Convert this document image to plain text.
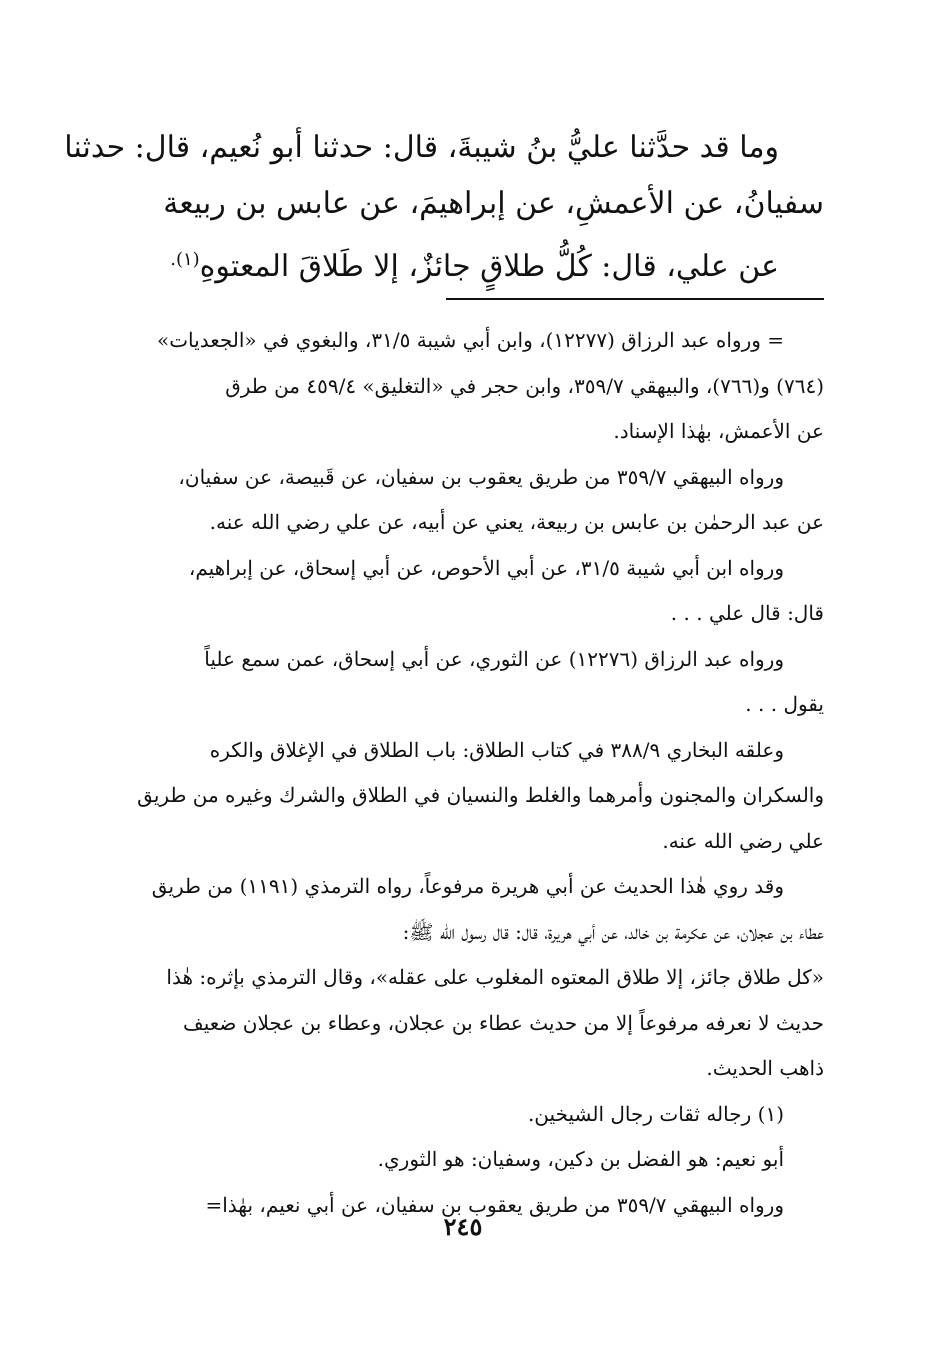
وما قد حدَّثنا عليُّ بنُ شيبةَ، قال: حدثنا أبو نُعيم، قال: حدثنا
سفيانُ، عن الأعمشِ، عن إبراهيمَ، عن عابس بن ربيعة
عن علي، قال: كُلُّ طلاقٍ جائزٌ، إلا طَلاقَ المعتوهِ$^{(١).}$
= ورواه عبد الرزاق (١٢٢٧٧)، وابن أبي شيبة ٣١/٥، والبغوي في «الجعديات»
(٧٦٤) و(٧٦٦)، والبيهقي ٣٥٩/٧، وابن حجر في «التغليق» ٤٥٩/٤ من طرق
عن الأعمش، بهٰذا الإسناد.
ورواه البيهقي ٣٥٩/٧ من طريق يعقوب بن سفيان، عن قَبيصة، عن سفيان،
عن عبد الرحمٰن بن عابس بن ربيعة، يعني عن أبيه، عن علي رضي الله عنه.
ورواه ابن أبي شيبة ٣١/٥، عن أبي الأحوص، عن أبي إسحاق، عن إبراهيم،
قال: قال علي . . .
ورواه عبد الرزاق (١٢٢٧٦) عن الثوري، عن أبي إسحاق، عمن سمع علياً
يقول . . .
وعلقه البخاري ٣٨٨/٩ في كتاب الطلاق: باب الطلاق في الإغلاق والكره
والسكران والمجنون وأمرهما والغلط والنسيان في الطلاق والشرك وغيره من طريق
علي رضي الله عنه.
وقد روي هٰذا الحديث عن أبي هريرة مرفوعاً، رواه الترمذي (١١٩١) من طريق
عطاء بن عجلان، عن عكرمة بن خالد، عن أبي هريرة، قال: قال رسول الله ﷺ:
«كل طلاق جائز، إلا طلاق المعتوه المغلوب على عقله»، وقال الترمذي بإثره: هٰذا
حديث لا نعرفه مرفوعاً إلا من حديث عطاء بن عجلان، وعطاء بن عجلان ضعيف
ذاهب الحديث.
(١) رجاله ثقات رجال الشيخين.
أبو نعيم: هو الفضل بن دكين، وسفيان: هو الثوري.
ورواه البيهقي ٣٥٩/٧ من طريق يعقوب بن سفيان، عن أبي نعيم، بهٰذا=
٢٤٥
